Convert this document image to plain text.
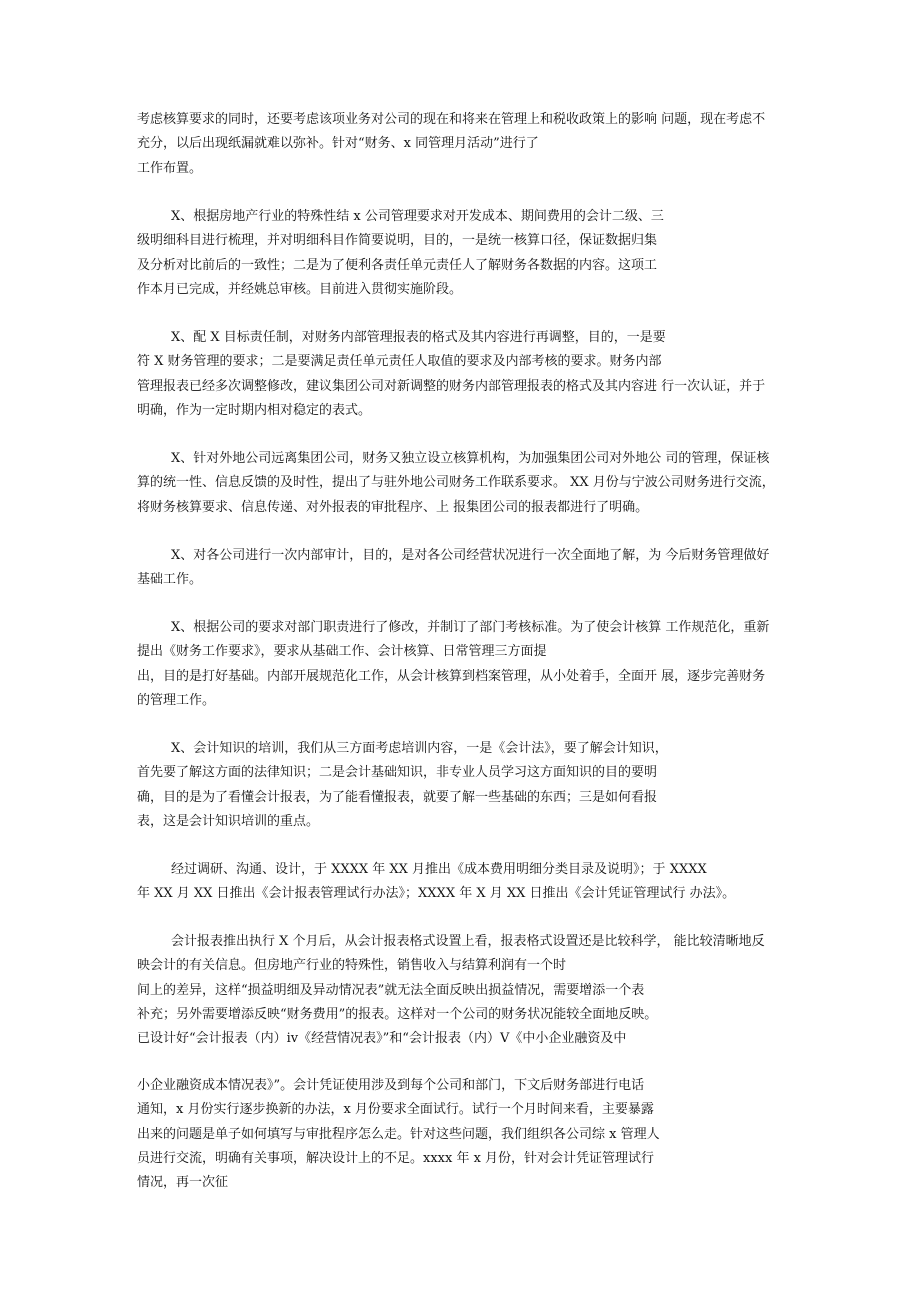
考虑核算要求的同时，还要考虑该项业务对公司的现在和将来在管理上和税收政策上的影响 问题，现在考虑不
充分，以后出现纸漏就难以弥补。针对“财务、x 同管理月活动”进行了
工作布置。
X、根据房地产行业的特殊性结 x 公司管理要求对开发成本、期间费用的会计二级、三
级明细科目进行梳理，并对明细科目作简要说明，目的，一是统一核算口径，保证数据归集
及分析对比前后的一致性；二是为了便利各责任单元责任人了解财务各数据的内容。这项工
作本月已完成，并经姚总审核。目前进入贯彻实施阶段。
X、配 X 目标责任制，对财务内部管理报表的格式及其内容进行再调整，目的，一是要
符 X 财务管理的要求；二是要满足责任单元责任人取值的要求及内部考核的要求。财务内部
管理报表已经多次调整修改，建议集团公司对新调整的财务内部管理报表的格式及其内容进 行一次认证，并于
明确，作为一定时期内相对稳定的表式。
X、针对外地公司远离集团公司，财务又独立设立核算机构，为加强集团公司对外地公 司的管理，保证核
算的统一性、信息反馈的及时性，提出了与驻外地公司财务工作联系要求。 XX 月份与宁波公司财务进行交流，
将财务核算要求、信息传递、对外报表的审批程序、上 报集团公司的报表都进行了明确。
X、对各公司进行一次内部审计，目的，是对各公司经营状况进行一次全面地了解，为 今后财务管理做好
基础工作。
X、根据公司的要求对部门职责进行了修改，并制订了部门考核标准。为了使会计核算 工作规范化，重新
提出《财务工作要求》，要求从基础工作、会计核算、日常管理三方面提
出，目的是打好基础。内部开展规范化工作，从会计核算到档案管理，从小处着手，全面开 展，逐步完善财务
的管理工作。
X、会计知识的培训，我们从三方面考虑培训内容，一是《会计法》，要了解会计知识，
首先要了解这方面的法律知识；二是会计基础知识，非专业人员学习这方面知识的目的要明
确，目的是为了看懂会计报表，为了能看懂报表，就要了解一些基础的东西；三是如何看报
表，这是会计知识培训的重点。
经过调研、沟通、设计，于 XXXX 年 XX 月推出《成本费用明细分类目录及说明》；于 XXXX
年 XX 月 XX 日推出《会计报表管理试行办法》；XXXX 年 X 月 XX 日推出《会计凭证管理试行 办法》。
会计报表推出执行 X 个月后，从会计报表格式设置上看，报表格式设置还是比较科学， 能比较清晰地反
映会计的有关信息。但房地产行业的特殊性，销售收入与结算利润有一个时
间上的差异，这样“损益明细及异动情况表”就无法全面反映出损益情况，需要增添一个表
补充；另外需要增添反映“财务费用”的报表。这样对一个公司的财务状况能较全面地反映。
已设计好“会计报表（内）iv《经营情况表》”和“会计报表（内）V《中小企业融资及中
小企业融资成本情况表》”。会计凭证使用涉及到每个公司和部门，下文后财务部进行电话
通知，x 月份实行逐步换新的办法，x 月份要求全面试行。试行一个月时间来看，主要暴露
出来的问题是单子如何填写与审批程序怎么走。针对这些问题，我们组织各公司综 x 管理人
员进行交流，明确有关事项，解决设计上的不足。xxxx 年 x 月份，针对会计凭证管理试行
情况，再一次征
